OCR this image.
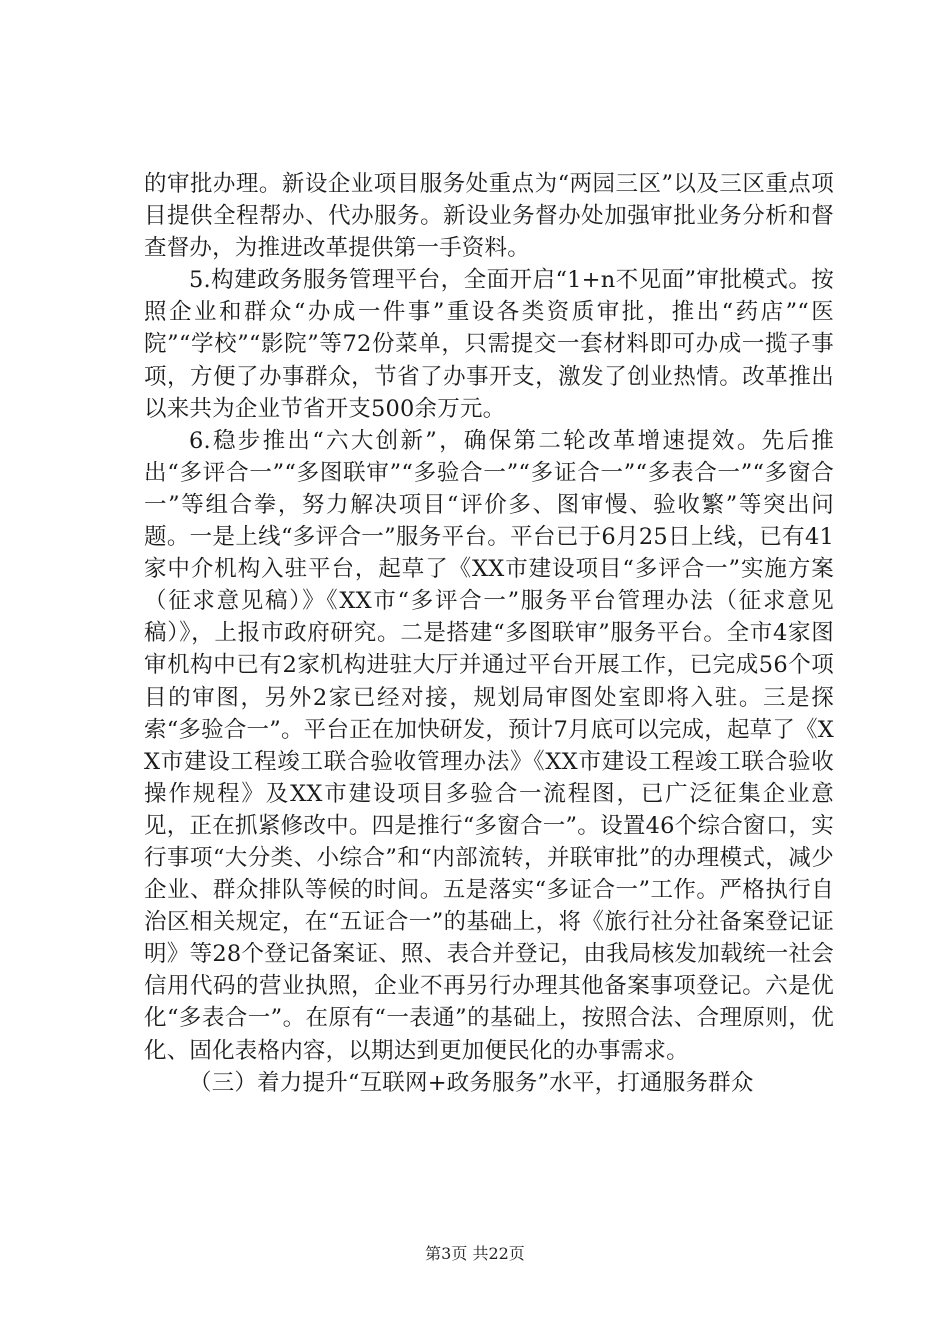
的审批办理。新设企业项目服务处重点为“两园三区”以及三区重点项目提供全程帮办、代办服务。新设业务督办处加强审批业务分析和督查督办，为推进改革提供第一手资料。

5.构建政务服务管理平台，全面开启“1+n不见面”审批模式。按照企业和群众“办成一件事”重设各类资质审批，推出“药店”“医院”“学校”“影院”等72份菜单，只需提交一套材料即可办成一揽子事项，方便了办事群众，节省了办事开支，激发了创业热情。改革推出以来共为企业节省开支500余万元。

6.稳步推出“六大创新”，确保第二轮改革增速提效。先后推出“多评合一”“多图联审”“多验合一”“多证合一”“多表合一”“多窗合一”等组合拳，努力解决项目“评价多、图审慢、验收繁”等突出问题。一是上线“多评合一”服务平台。平台已于6月25日上线，已有41家中介机构入驻平台，起草了《XX市建设项目“多评合一”实施方案（征求意见稿）》《XX市“多评合一”服务平台管理办法（征求意见稿）》，上报市政府研究。二是搭建“多图联审”服务平台。全市4家图审机构中已有2家机构进驻大厅并通过平台开展工作，已完成56个项目的审图，另外2家已经对接，规划局审图处室即将入驻。三是探索“多验合一”。平台正在加快研发，预计7月底可以完成，起草了《XX市建设工程竣工联合验收管理办法》《XX市建设工程竣工联合验收操作规程》及XX市建设项目多验合一流程图，已广泛征集企业意见，正在抓紧修改中。四是推行“多窗合一”。设置46个综合窗口，实行事项“大分类、小综合”和“内部流转，并联审批”的办理模式，减少企业、群众排队等候的时间。五是落实“多证合一”工作。严格执行自治区相关规定，在“五证合一”的基础上，将《旅行社分社备案登记证明》等28个登记备案证、照、表合并登记，由我局核发加载统一社会信用代码的营业执照，企业不再另行办理其他备案事项登记。六是优化“多表合一”。在原有“一表通”的基础上，按照合法、合理原则，优化、固化表格内容，以期达到更加便民化的办事需求。

（三）着力提升“互联网+政务服务”水平，打通服务群众

第3页 共22页
